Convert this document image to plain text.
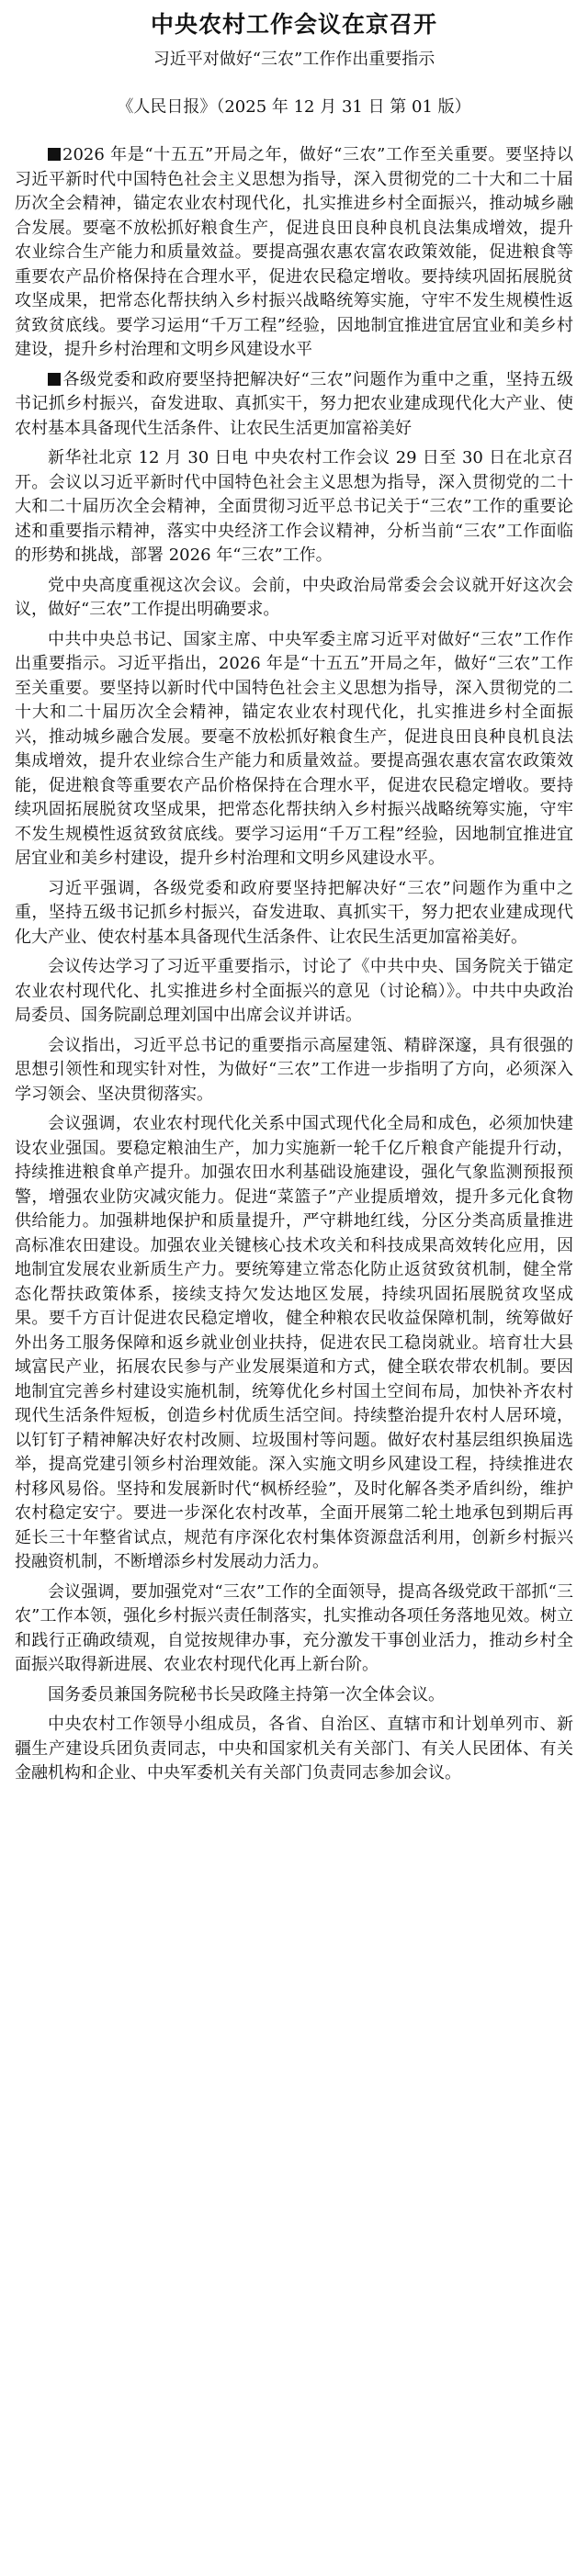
中央农村工作会议在京召开
习近平对做好“三农”工作作出重要指示
《人民日报》（2025 年 12 月 31 日 第 01 版）

2026 年是“十五五”开局之年，做好“三农”工作至关重要。要坚持以习近平新时代中国特色社会主义思想为指导，深入贯彻党的二十大和二十届历次全会精神，锚定农业农村现代化，扎实推进乡村全面振兴，推动城乡融合发展。要毫不放松抓好粮食生产，促进良田良种良机良法集成增效，提升农业综合生产能力和质量效益。要提高强农惠农富农政策效能，促进粮食等重要农产品价格保持在合理水平，促进农民稳定增收。要持续巩固拓展脱贫攻坚成果，把常态化帮扶纳入乡村振兴战略统筹实施，守牢不发生规模性返贫致贫底线。要学习运用“千万工程”经验，因地制宜推进宜居宜业和美乡村建设，提升乡村治理和文明乡风建设水平

各级党委和政府要坚持把解决好“三农”问题作为重中之重，坚持五级书记抓乡村振兴，奋发进取、真抓实干，努力把农业建成现代化大产业、使农村基本具备现代生活条件、让农民生活更加富裕美好

新华社北京 12 月 30 日电 中央农村工作会议 29 日至 30 日在北京召开。会议以习近平新时代中国特色社会主义思想为指导，深入贯彻党的二十大和二十届历次全会精神，全面贯彻习近平总书记关于“三农”工作的重要论述和重要指示精神，落实中央经济工作会议精神，分析当前“三农”工作面临的形势和挑战，部署 2026 年“三农”工作。

党中央高度重视这次会议。会前，中央政治局常委会会议就开好这次会议，做好“三农”工作提出明确要求。

中共中央总书记、国家主席、中央军委主席习近平对做好“三农”工作作出重要指示。习近平指出，2026 年是“十五五”开局之年，做好“三农”工作至关重要。要坚持以新时代中国特色社会主义思想为指导，深入贯彻党的二十大和二十届历次全会精神，锚定农业农村现代化，扎实推进乡村全面振兴，推动城乡融合发展。要毫不放松抓好粮食生产，促进良田良种良机良法集成增效，提升农业综合生产能力和质量效益。要提高强农惠农富农政策效能，促进粮食等重要农产品价格保持在合理水平，促进农民稳定增收。要持续巩固拓展脱贫攻坚成果，把常态化帮扶纳入乡村振兴战略统筹实施，守牢不发生规模性返贫致贫底线。要学习运用“千万工程”经验，因地制宜推进宜居宜业和美乡村建设，提升乡村治理和文明乡风建设水平。

习近平强调，各级党委和政府要坚持把解决好“三农”问题作为重中之重，坚持五级书记抓乡村振兴，奋发进取、真抓实干，努力把农业建成现代化大产业、使农村基本具备现代生活条件、让农民生活更加富裕美好。

会议传达学习了习近平重要指示，讨论了《中共中央、国务院关于锚定农业农村现代化、扎实推进乡村全面振兴的意见（讨论稿）》。中共中央政治局委员、国务院副总理刘国中出席会议并讲话。

会议指出，习近平总书记的重要指示高屋建瓴、精辟深邃，具有很强的思想引领性和现实针对性，为做好“三农”工作进一步指明了方向，必须深入学习领会、坚决贯彻落实。

会议强调，农业农村现代化关系中国式现代化全局和成色，必须加快建设农业强国。要稳定粮油生产，加力实施新一轮千亿斤粮食产能提升行动，持续推进粮食单产提升。加强农田水利基础设施建设，强化气象监测预报预警，增强农业防灾减灾能力。促进“菜篮子”产业提质增效，提升多元化食物供给能力。加强耕地保护和质量提升，严守耕地红线，分区分类高质量推进高标准农田建设。加强农业关键核心技术攻关和科技成果高效转化应用，因地制宜发展农业新质生产力。要统筹建立常态化防止返贫致贫机制，健全常态化帮扶政策体系，接续支持欠发达地区发展，持续巩固拓展脱贫攻坚成果。要千方百计促进农民稳定增收，健全种粮农民收益保障机制，统筹做好外出务工服务保障和返乡就业创业扶持，促进农民工稳岗就业。培育壮大县域富民产业，拓展农民参与产业发展渠道和方式，健全联农带农机制。要因地制宜完善乡村建设实施机制，统筹优化乡村国土空间布局，加快补齐农村现代生活条件短板，创造乡村优质生活空间。持续整治提升农村人居环境，以钉钉子精神解决好农村改厕、垃圾围村等问题。做好农村基层组织换届选举，提高党建引领乡村治理效能。深入实施文明乡风建设工程，持续推进农村移风易俗。坚持和发展新时代“枫桥经验”，及时化解各类矛盾纠纷，维护农村稳定安宁。要进一步深化农村改革，全面开展第二轮土地承包到期后再延长三十年整省试点，规范有序深化农村集体资源盘活利用，创新乡村振兴投融资机制，不断增添乡村发展动力活力。

会议强调，要加强党对“三农”工作的全面领导，提高各级党政干部抓“三农”工作本领，强化乡村振兴责任制落实，扎实推动各项任务落地见效。树立和践行正确政绩观，自觉按规律办事，充分激发干事创业活力，推动乡村全面振兴取得新进展、农业农村现代化再上新台阶。

国务委员兼国务院秘书长吴政隆主持第一次全体会议。

中央农村工作领导小组成员，各省、自治区、直辖市和计划单列市、新疆生产建设兵团负责同志，中央和国家机关有关部门、有关人民团体、有关金融机构和企业、中央军委机关有关部门负责同志参加会议。
